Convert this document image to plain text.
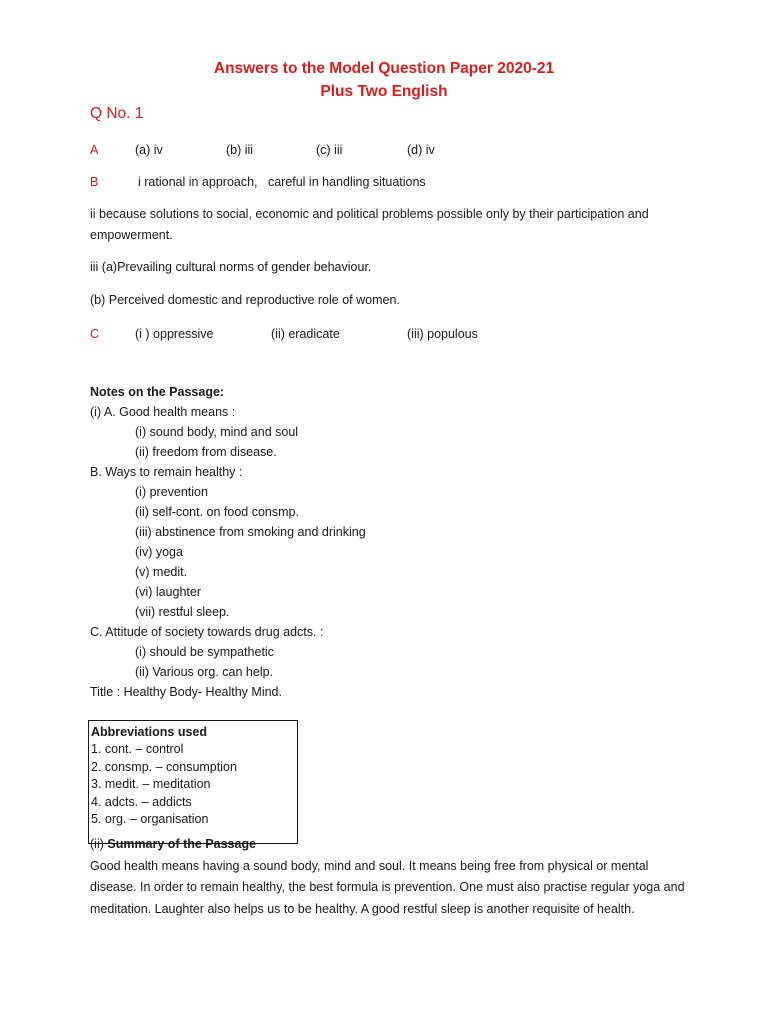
Answers to the Model Question Paper 2020-21
Plus Two English
Q No. 1
A	(a) iv	(b) iii	(c) iii	(d) iv
B	i rational in approach,   careful in handling situations
ii because solutions to social, economic and political problems possible only by their participation and empowerment.
iii (a)Prevailing cultural norms of gender behaviour.
(b) Perceived domestic and reproductive role of women.
C	(i ) oppressive	(ii) eradicate	(iii) populous
Notes on the Passage:
(i) A. Good health means :
(i) sound body, mind and soul
(ii) freedom from disease.
B. Ways to remain healthy :
(i) prevention
(ii) self-cont. on food consmp.
(iii) abstinence from smoking and drinking
(iv) yoga
(v) medit.
(vi) laughter
(vii) restful sleep.
C. Attitude of society towards drug adcts. :
(i) should be sympathetic
(ii) Various org. can help.
Title : Healthy Body- Healthy Mind.
Abbreviations used
1. cont. – control
2. consmp. – consumption
3. medit. – meditation
4. adcts. – addicts
5. org. – organisation
(ii) Summary of the Passage
Good health means having a sound body, mind and soul. It means being free from physical or mental disease. In order to remain healthy, the best formula is prevention. One must also practise regular yoga and meditation. Laughter also helps us to be healthy. A good restful sleep is another requisite of health.
